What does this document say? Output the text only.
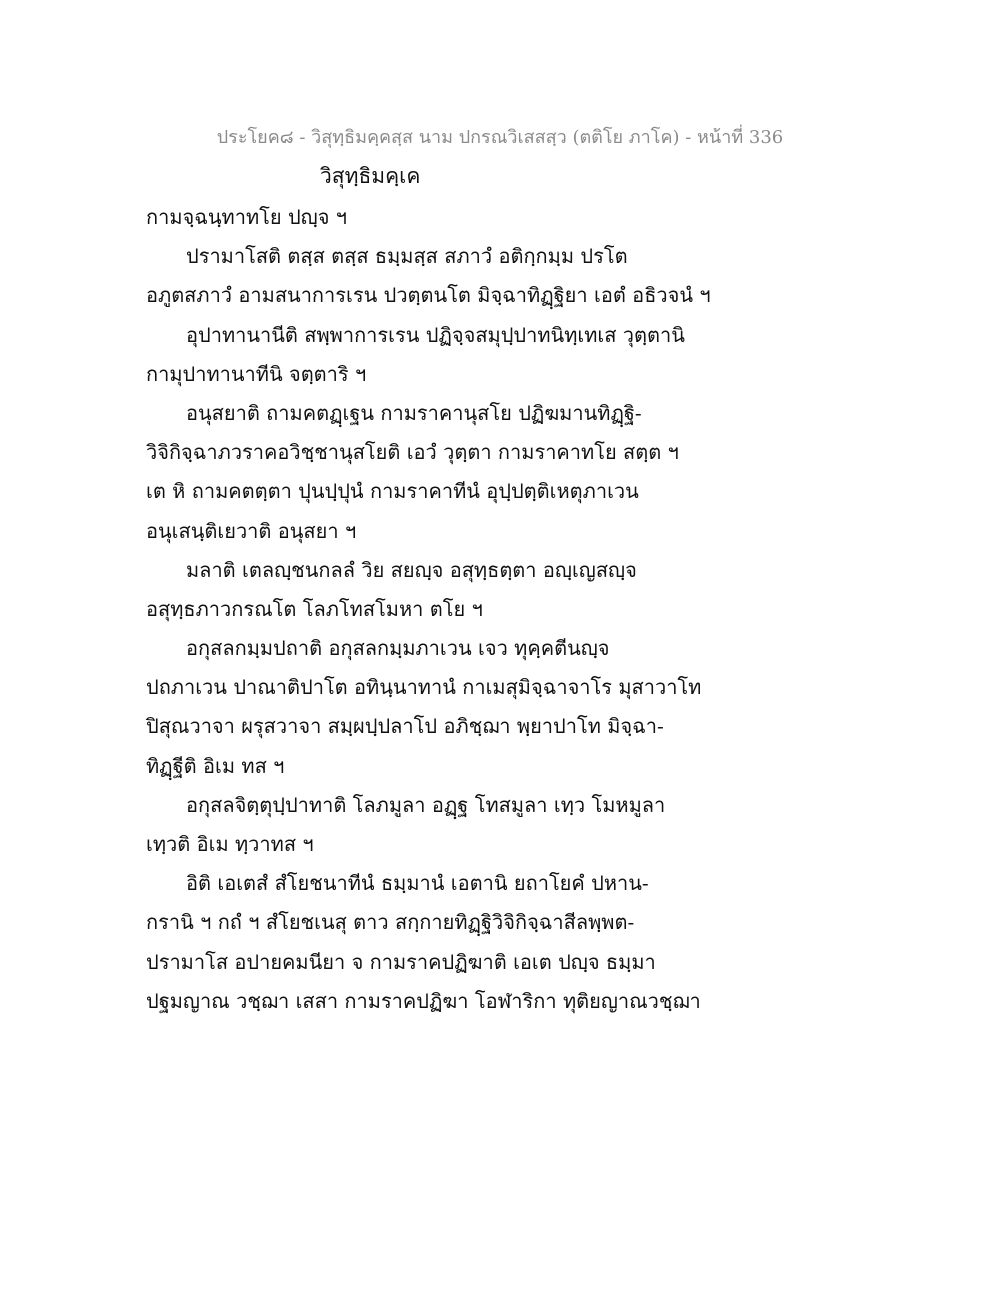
ประโยค๘ - วิสุทฺธิมคฺคสฺส นาม ปกรณวิเสสสฺว (ตติโย ภาโค) - หน้าที่ 336
วิสุทฺธิมคฺเค
กามจฺฉนฺทาทโย ปญฺจ ฯ
ปรามาโสติ ตสฺส ตสฺส ธมฺมสฺส สภาวํ อติกฺกมฺม ปรโต
อภูตสภาวํ อามสนาการเรน ปวตฺตนโต มิจฺฉาทิฏฺฐิยา เอตํ อธิวจนํ ฯ
อุปาทานานีติ สพฺพาการเรน ปฏิจฺจสมุปฺปาทนิทฺเทเส วุตฺตานิ
กามุปาทานาทีนิ จตฺตาริ ฯ
อนุสยาติ ถามคตฏฺเฐน กามราคานุสโย ปฏิฆมานทิฏฺฐิ-
วิจิกิจฺฉาภวราคอวิชฺชานุสโยติ เอวํ วุตฺตา กามราคาทโย สตฺต ฯ
เต หิ ถามคตตฺตา ปุนปฺปุนํ กามราคาทีนํ อุปฺปตฺติเหตุภาเวน
อนุเสนฺติเยวาติ อนุสยา ฯ
มลาติ เตลญฺชนกลลํ วิย สยญฺจ อสุทฺธตฺตา อญฺเญสญฺจ
อสุทฺธภาวกรณโต โลภโทสโมหา ตโย ฯ
อกุสลกมฺมปถาติ อกุสลกมฺมภาเวน เจว ทุคฺคตีนญฺจ
ปถภาเวน ปาณาติปาโต อทินฺนาทานํ กาเมสุมิจฺฉาจาโร มุสาวาโท
ปิสุณวาจา ผรุสวาจา สมฺผปฺปลาโป อภิชฺฌา พฺยาปาโท มิจฺฉา-
ทิฏฺฐีติ อิเม ทส ฯ
อกุสลจิตฺตุปฺปาทาติ โลภมูลา อฏฺฐ โทสมูลา เทฺว โมหมูลา
เทฺวติ อิเม ทฺวาทส ฯ
อิติ เอเตสํ สํโยชนาทีนํ ธมฺมานํ เอตานิ ยถาโยคํ ปหาน-
กรานิ ฯ กถํ ฯ สํโยชเนสุ ตาว สกฺกายทิฏฺฐิวิจิกิจฺฉาสีลพฺพต-
ปรามาโส อปายคมนียา จ กามราคปฏิฆาติ เอเต ปญฺจ ธมฺมา
ปฐมญาณ วชฺฌา เสสา กามราคปฏิฆา โอฬาริกา ทุติยญาณวชฺฌา
